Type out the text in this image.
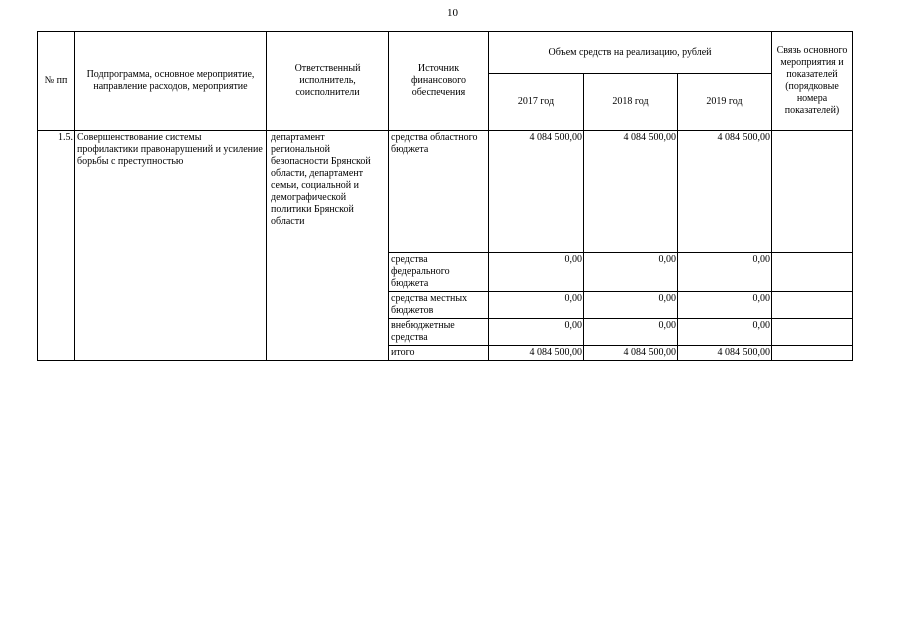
10
№ пп	Подпрограмма, основное мероприятие, направление расходов, мероприятие	Ответственный исполнитель, соисполнители	Источник финансового обеспечения	Объем средств на реализацию, рублей			Связь основного мероприятия и показателей (порядковые номера показателей)
				2017 год	2018 год	2019 год	
1.5.	Совершенствование системы профилактики правонарушений и усиление борьбы с преступностью	департамент региональной безопасности Брянской области, департамент семьи, социальной и демографической политики Брянской области	средства областного бюджета	4 084 500,00	4 084 500,00	4 084 500,00	
			средства федерального бюджета	0,00	0,00	0,00	
			средства местных бюджетов	0,00	0,00	0,00	
			внебюджетные средства	0,00	0,00	0,00	
			итого	4 084 500,00	4 084 500,00	4 084 500,00	
